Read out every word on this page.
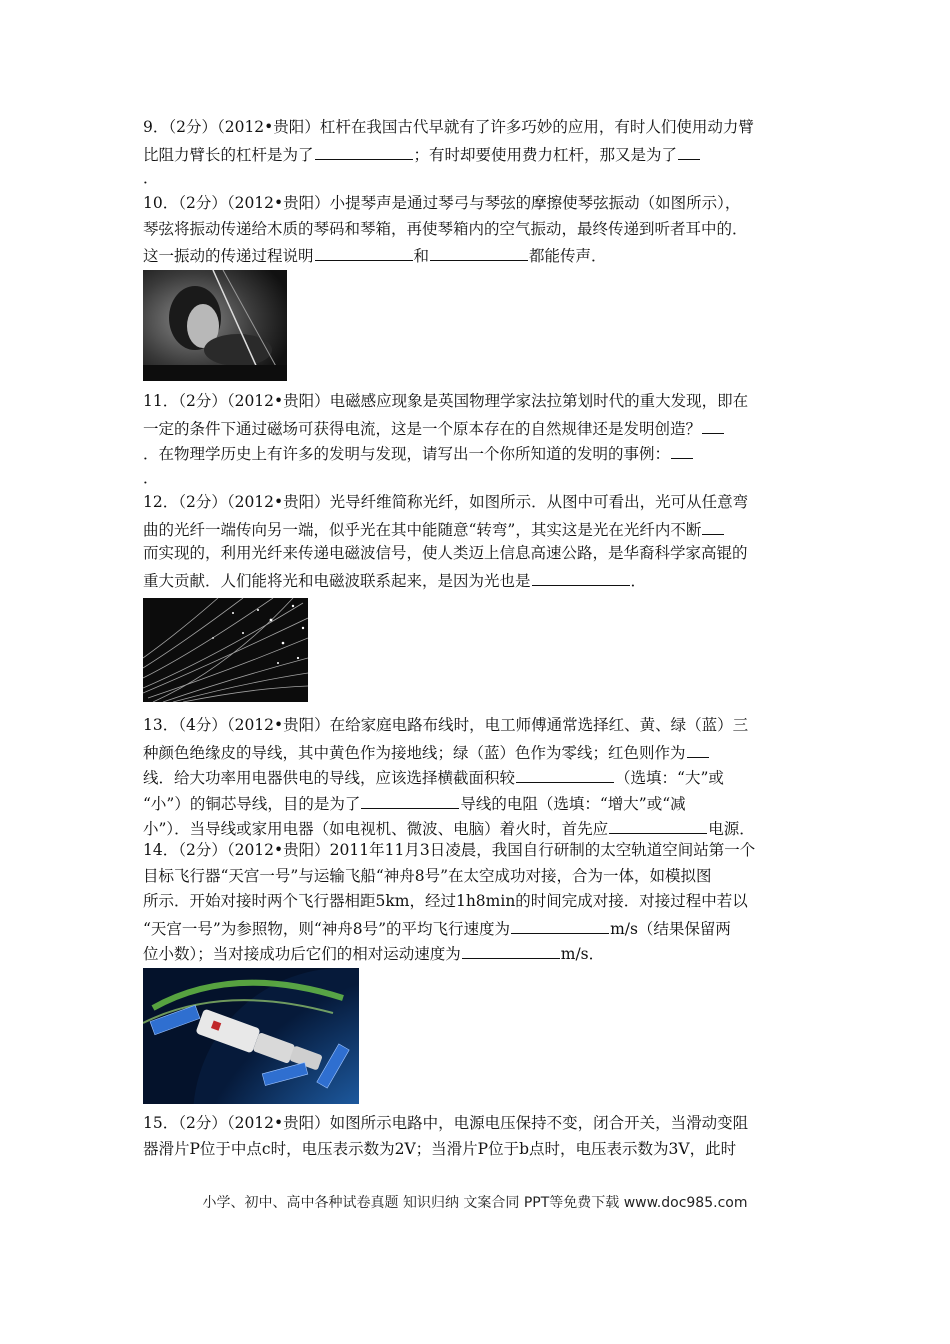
9．（2分）（2012•贵阳）杠杆在我国古代早就有了许多巧妙的应用，有时人们使用动力臂
比阻力臂长的杠杆是为了	；有时却要使用费力杠杆，那又是为了
．
10．（2分）（2012•贵阳）小提琴声是通过琴弓与琴弦的摩擦使琴弦振动（如图所示），
琴弦将振动传递给木质的琴码和琴箱，再使琴箱内的空气振动，最终传递到听者耳中的．
这一振动的传递过程说明	和	都能传声．
11．（2分）（2012•贵阳）电磁感应现象是英国物理学家法拉第划时代的重大发现，即在
一定的条件下通过磁场可获得电流，这是一个原本存在的自然规律还是发明创造？
．在物理学历史上有许多的发明与发现，请写出一个你所知道的发明的事例：
．
12．（2分）（2012•贵阳）光导纤维简称光纤，如图所示．从图中可看出，光可从任意弯
曲的光纤一端传向另一端，似乎光在其中能随意“转弯”，其实这是光在光纤内不断
而实现的，利用光纤来传递电磁波信号，使人类迈上信息高速公路，是华裔科学家高锟的
重大贡献．人们能将光和电磁波联系起来，是因为光也是	．
13．（4分）（2012•贵阳）在给家庭电路布线时，电工师傅通常选择红、黄、绿（蓝）三
种颜色绝缘皮的导线，其中黄色作为接地线；绿（蓝）色作为零线；红色则作为
线．给大功率用电器供电的导线，应该选择横截面积较	（选填：“大”或
“小”）的铜芯导线，目的是为了	导线的电阻（选填：“增大”或“减
小”）．当导线或家用电器（如电视机、微波、电脑）着火时，首先应	电源．
14．（2分）（2012•贵阳）2011年11月3日凌晨，我国自行研制的太空轨道空间站第一个
目标飞行器“天宫一号”与运输飞船“神舟8号”在太空成功对接，合为一体，如模拟图
所示．开始对接时两个飞行器相距5km，经过1h8min的时间完成对接．对接过程中若以
“天宫一号”为参照物，则“神舟8号”的平均飞行速度为	m/s（结果保留两
位小数）；当对接成功后它们的相对运动速度为	m/s．
15．（2分）（2012•贵阳）如图所示电路中，电源电压保持不变，闭合开关，当滑动变阻
器滑片P位于中点c时，电压表示数为2V；当滑片P位于b点时，电压表示数为3V，此时
小学、初中、高中各种试卷真题 知识归纳 文案合同 PPT等免费下载 www.doc985.com
